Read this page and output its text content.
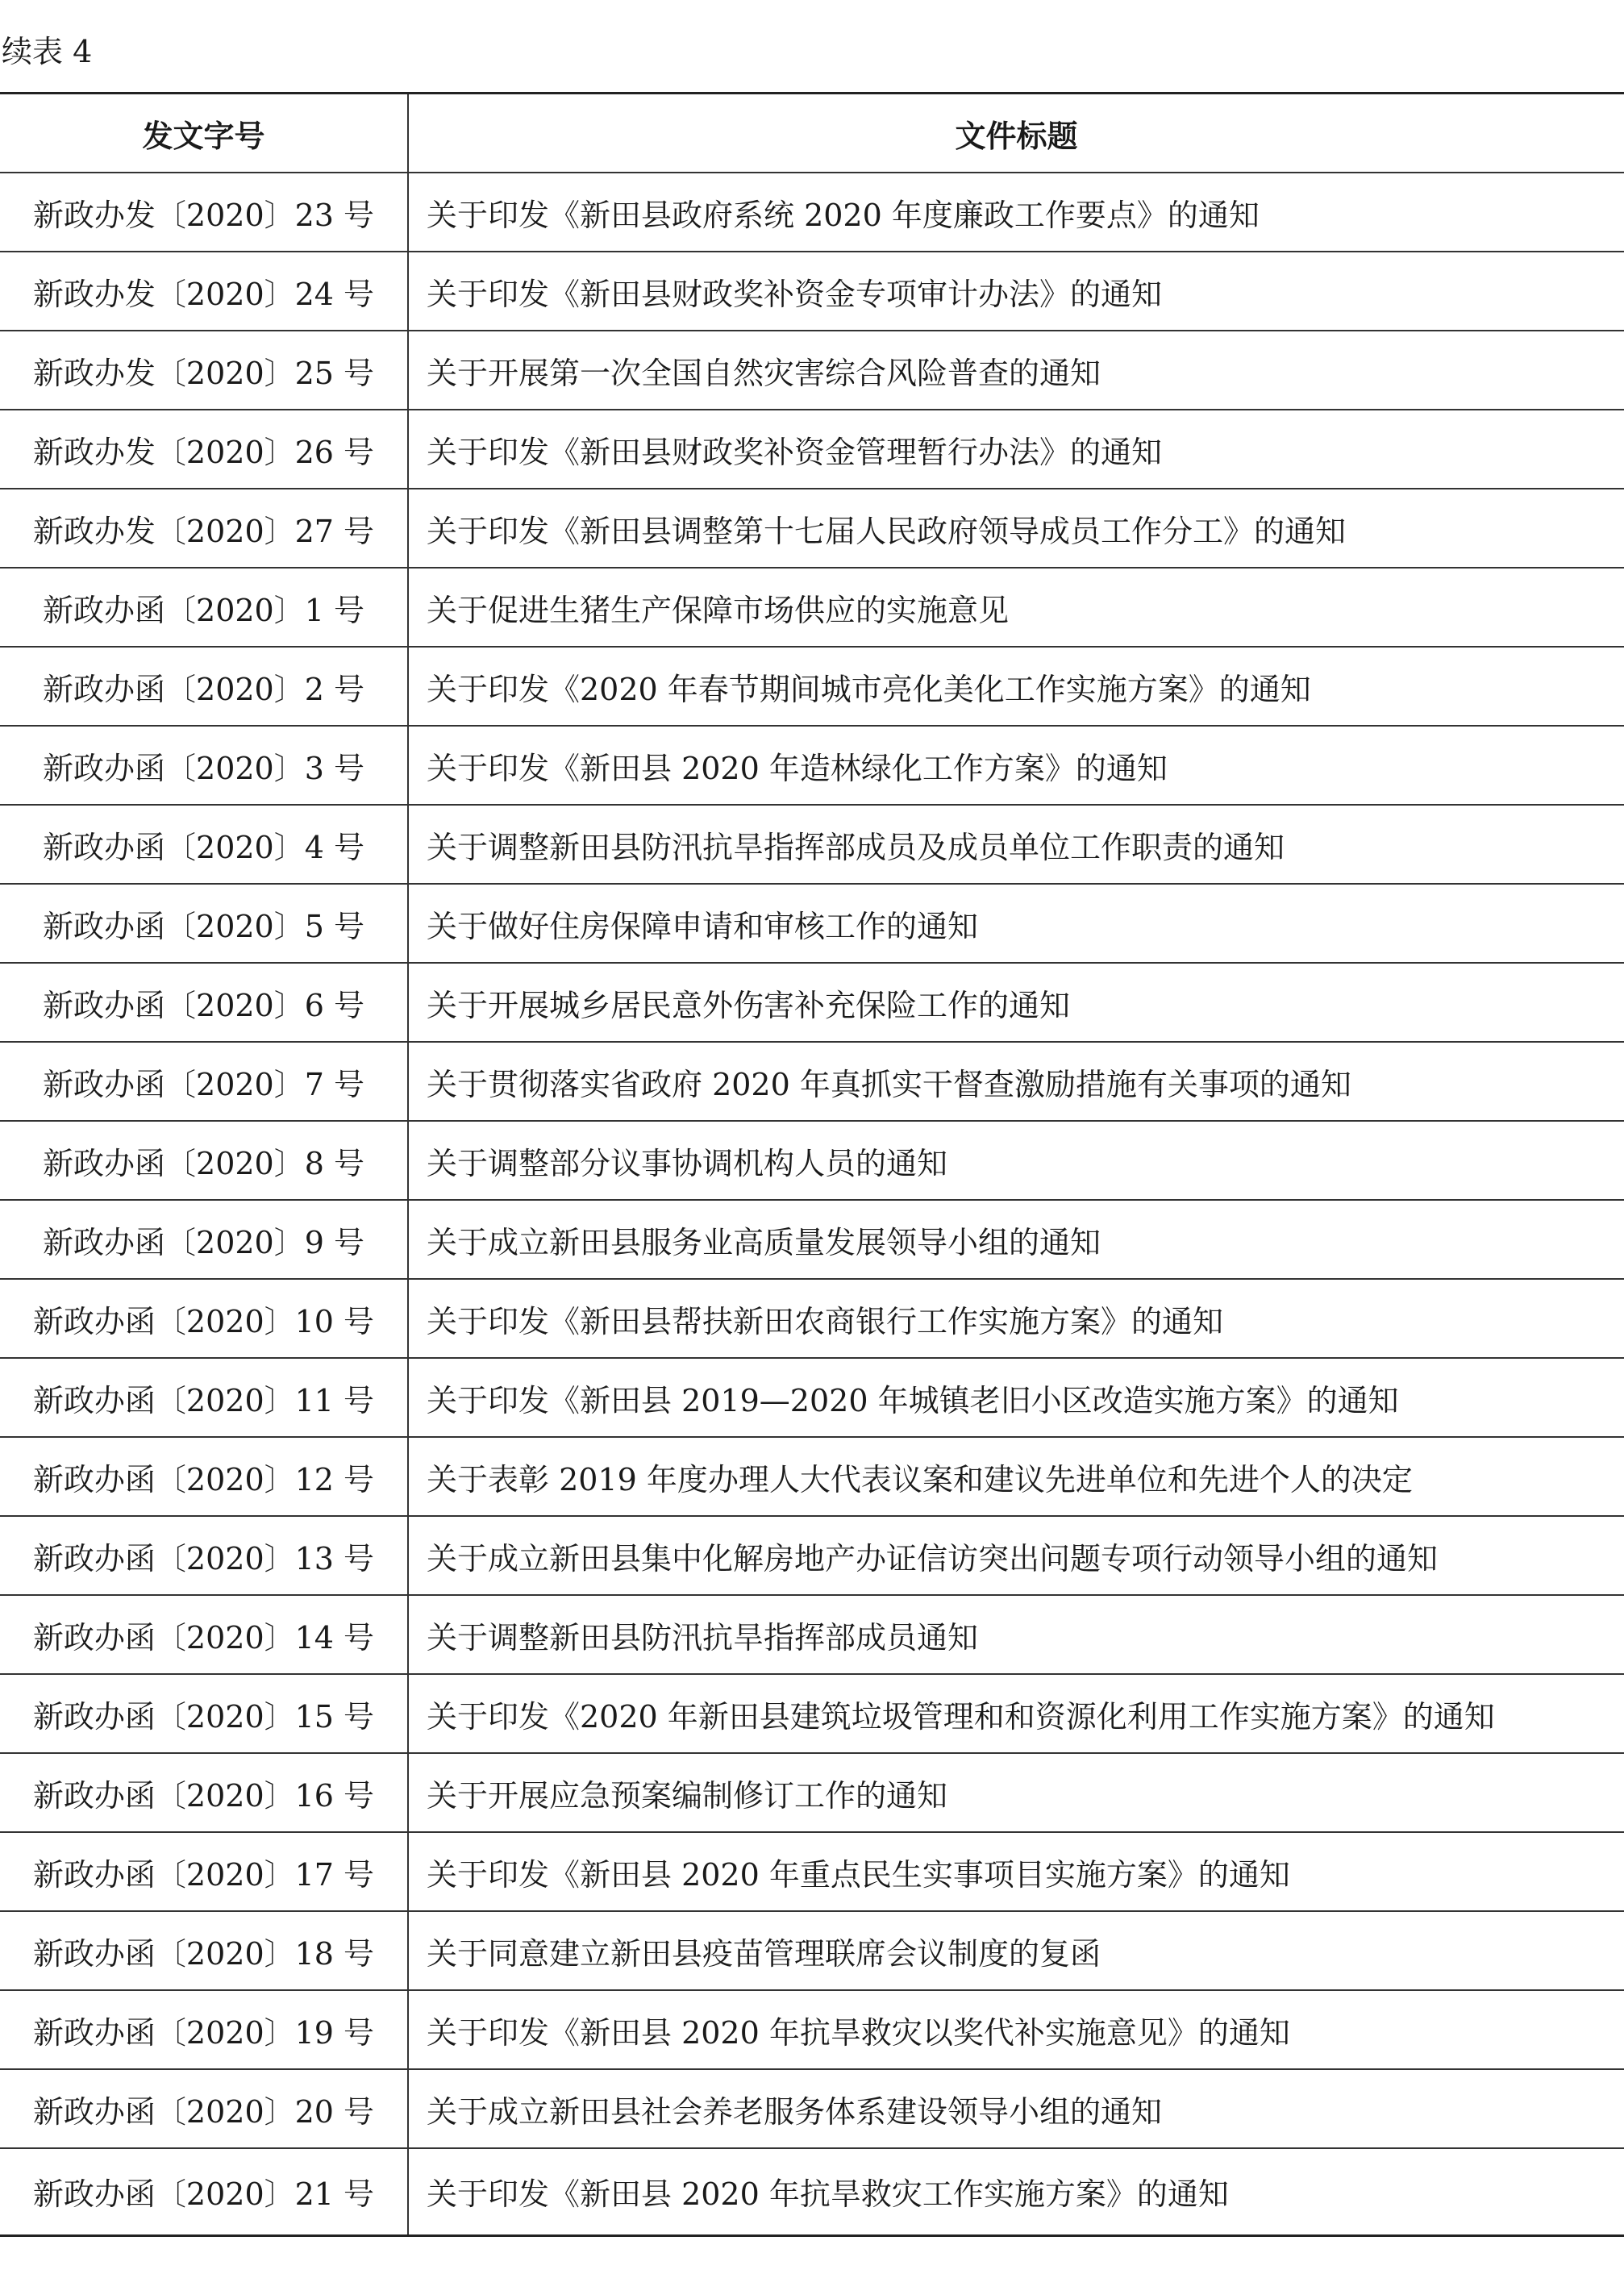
续表 4
发文字号	文件标题
新政办发〔2020〕23 号	关于印发《新田县政府系统 2020 年度廉政工作要点》的通知
新政办发〔2020〕24 号	关于印发《新田县财政奖补资金专项审计办法》的通知
新政办发〔2020〕25 号	关于开展第一次全国自然灾害综合风险普查的通知
新政办发〔2020〕26 号	关于印发《新田县财政奖补资金管理暂行办法》的通知
新政办发〔2020〕27 号	关于印发《新田县调整第十七届人民政府领导成员工作分工》的通知
新政办函〔2020〕1 号	关于促进生猪生产保障市场供应的实施意见
新政办函〔2020〕2 号	关于印发《2020 年春节期间城市亮化美化工作实施方案》的通知
新政办函〔2020〕3 号	关于印发《新田县 2020 年造林绿化工作方案》的通知
新政办函〔2020〕4 号	关于调整新田县防汛抗旱指挥部成员及成员单位工作职责的通知
新政办函〔2020〕5 号	关于做好住房保障申请和审核工作的通知
新政办函〔2020〕6 号	关于开展城乡居民意外伤害补充保险工作的通知
新政办函〔2020〕7 号	关于贯彻落实省政府 2020 年真抓实干督查激励措施有关事项的通知
新政办函〔2020〕8 号	关于调整部分议事协调机构人员的通知
新政办函〔2020〕9 号	关于成立新田县服务业高质量发展领导小组的通知
新政办函〔2020〕10 号	关于印发《新田县帮扶新田农商银行工作实施方案》的通知
新政办函〔2020〕11 号	关于印发《新田县 2019—2020 年城镇老旧小区改造实施方案》的通知
新政办函〔2020〕12 号	关于表彰 2019 年度办理人大代表议案和建议先进单位和先进个人的决定
新政办函〔2020〕13 号	关于成立新田县集中化解房地产办证信访突出问题专项行动领导小组的通知
新政办函〔2020〕14 号	关于调整新田县防汛抗旱指挥部成员通知
新政办函〔2020〕15 号	关于印发《2020 年新田县建筑垃圾管理和和资源化利用工作实施方案》的通知
新政办函〔2020〕16 号	关于开展应急预案编制修订工作的通知
新政办函〔2020〕17 号	关于印发《新田县 2020 年重点民生实事项目实施方案》的通知
新政办函〔2020〕18 号	关于同意建立新田县疫苗管理联席会议制度的复函
新政办函〔2020〕19 号	关于印发《新田县 2020 年抗旱救灾以奖代补实施意见》的通知
新政办函〔2020〕20 号	关于成立新田县社会养老服务体系建设领导小组的通知
新政办函〔2020〕21 号	关于印发《新田县 2020 年抗旱救灾工作实施方案》的通知
